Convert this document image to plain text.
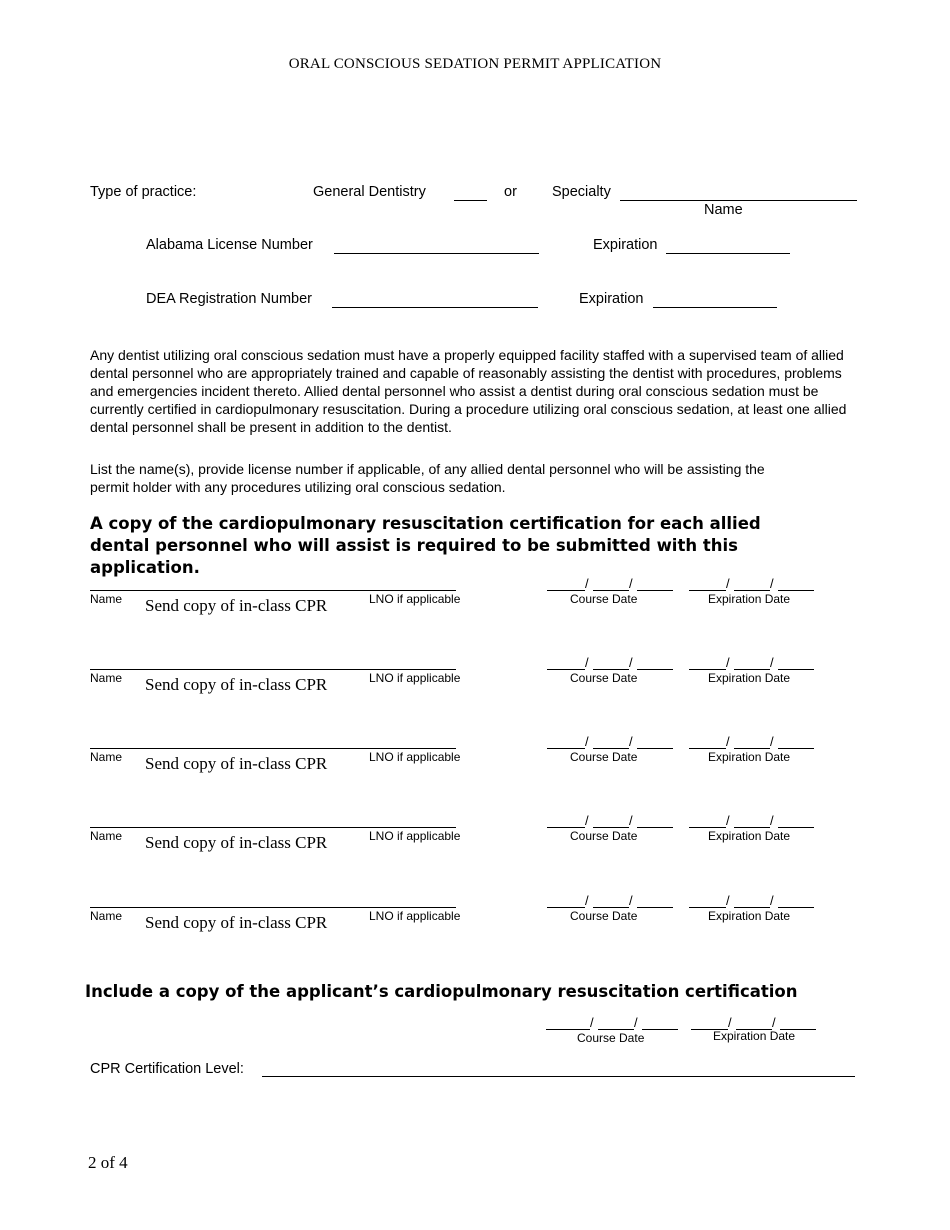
ORAL CONSCIOUS SEDATION PERMIT APPLICATION
Type of practice:	General Dentistry	or Specialty
Name
Alabama License Number	Expiration
DEA Registration Number	Expiration
Any dentist utilizing oral conscious sedation must have a properly equipped facility staffed with a supervised team of allied dental personnel who are appropriately trained and capable of reasonably assisting the dentist with procedures, problems and emergencies incident thereto. Allied dental personnel who assist a dentist during oral conscious sedation must be currently certified in cardiopulmonary resuscitation. During a procedure utilizing oral conscious sedation, at least one allied dental personnel shall be present in addition to the dentist.
List the name(s), provide license number if applicable, of any allied dental personnel who will be assisting the permit holder with any procedures utilizing oral conscious sedation.
A copy of the cardiopulmonary resuscitation certification for each allied dental personnel who will assist is required to be submitted with this application.
Name Send copy of in-class CPR	LNO if applicable
/	/	/	/
Course Date	Expiration Date
Name Send copy of in-class CPR	LNO if applicable
/	/	/	/
Course Date	Expiration Date
Name Send copy of in-class CPR	LNO if applicable
/	/	/	/
Course Date	Expiration Date
Name Send copy of in-class CPR	LNO if applicable
/	/	/	/
Course Date	Expiration Date
Name Send copy of in-class CPR	LNO if applicable
/	/	/	/
Course Date	Expiration Date
Include a copy of the applicant’s cardiopulmonary resuscitation certification
/	/	/	/
Course Date	Expiration Date
CPR Certification Level:
2 of 4
